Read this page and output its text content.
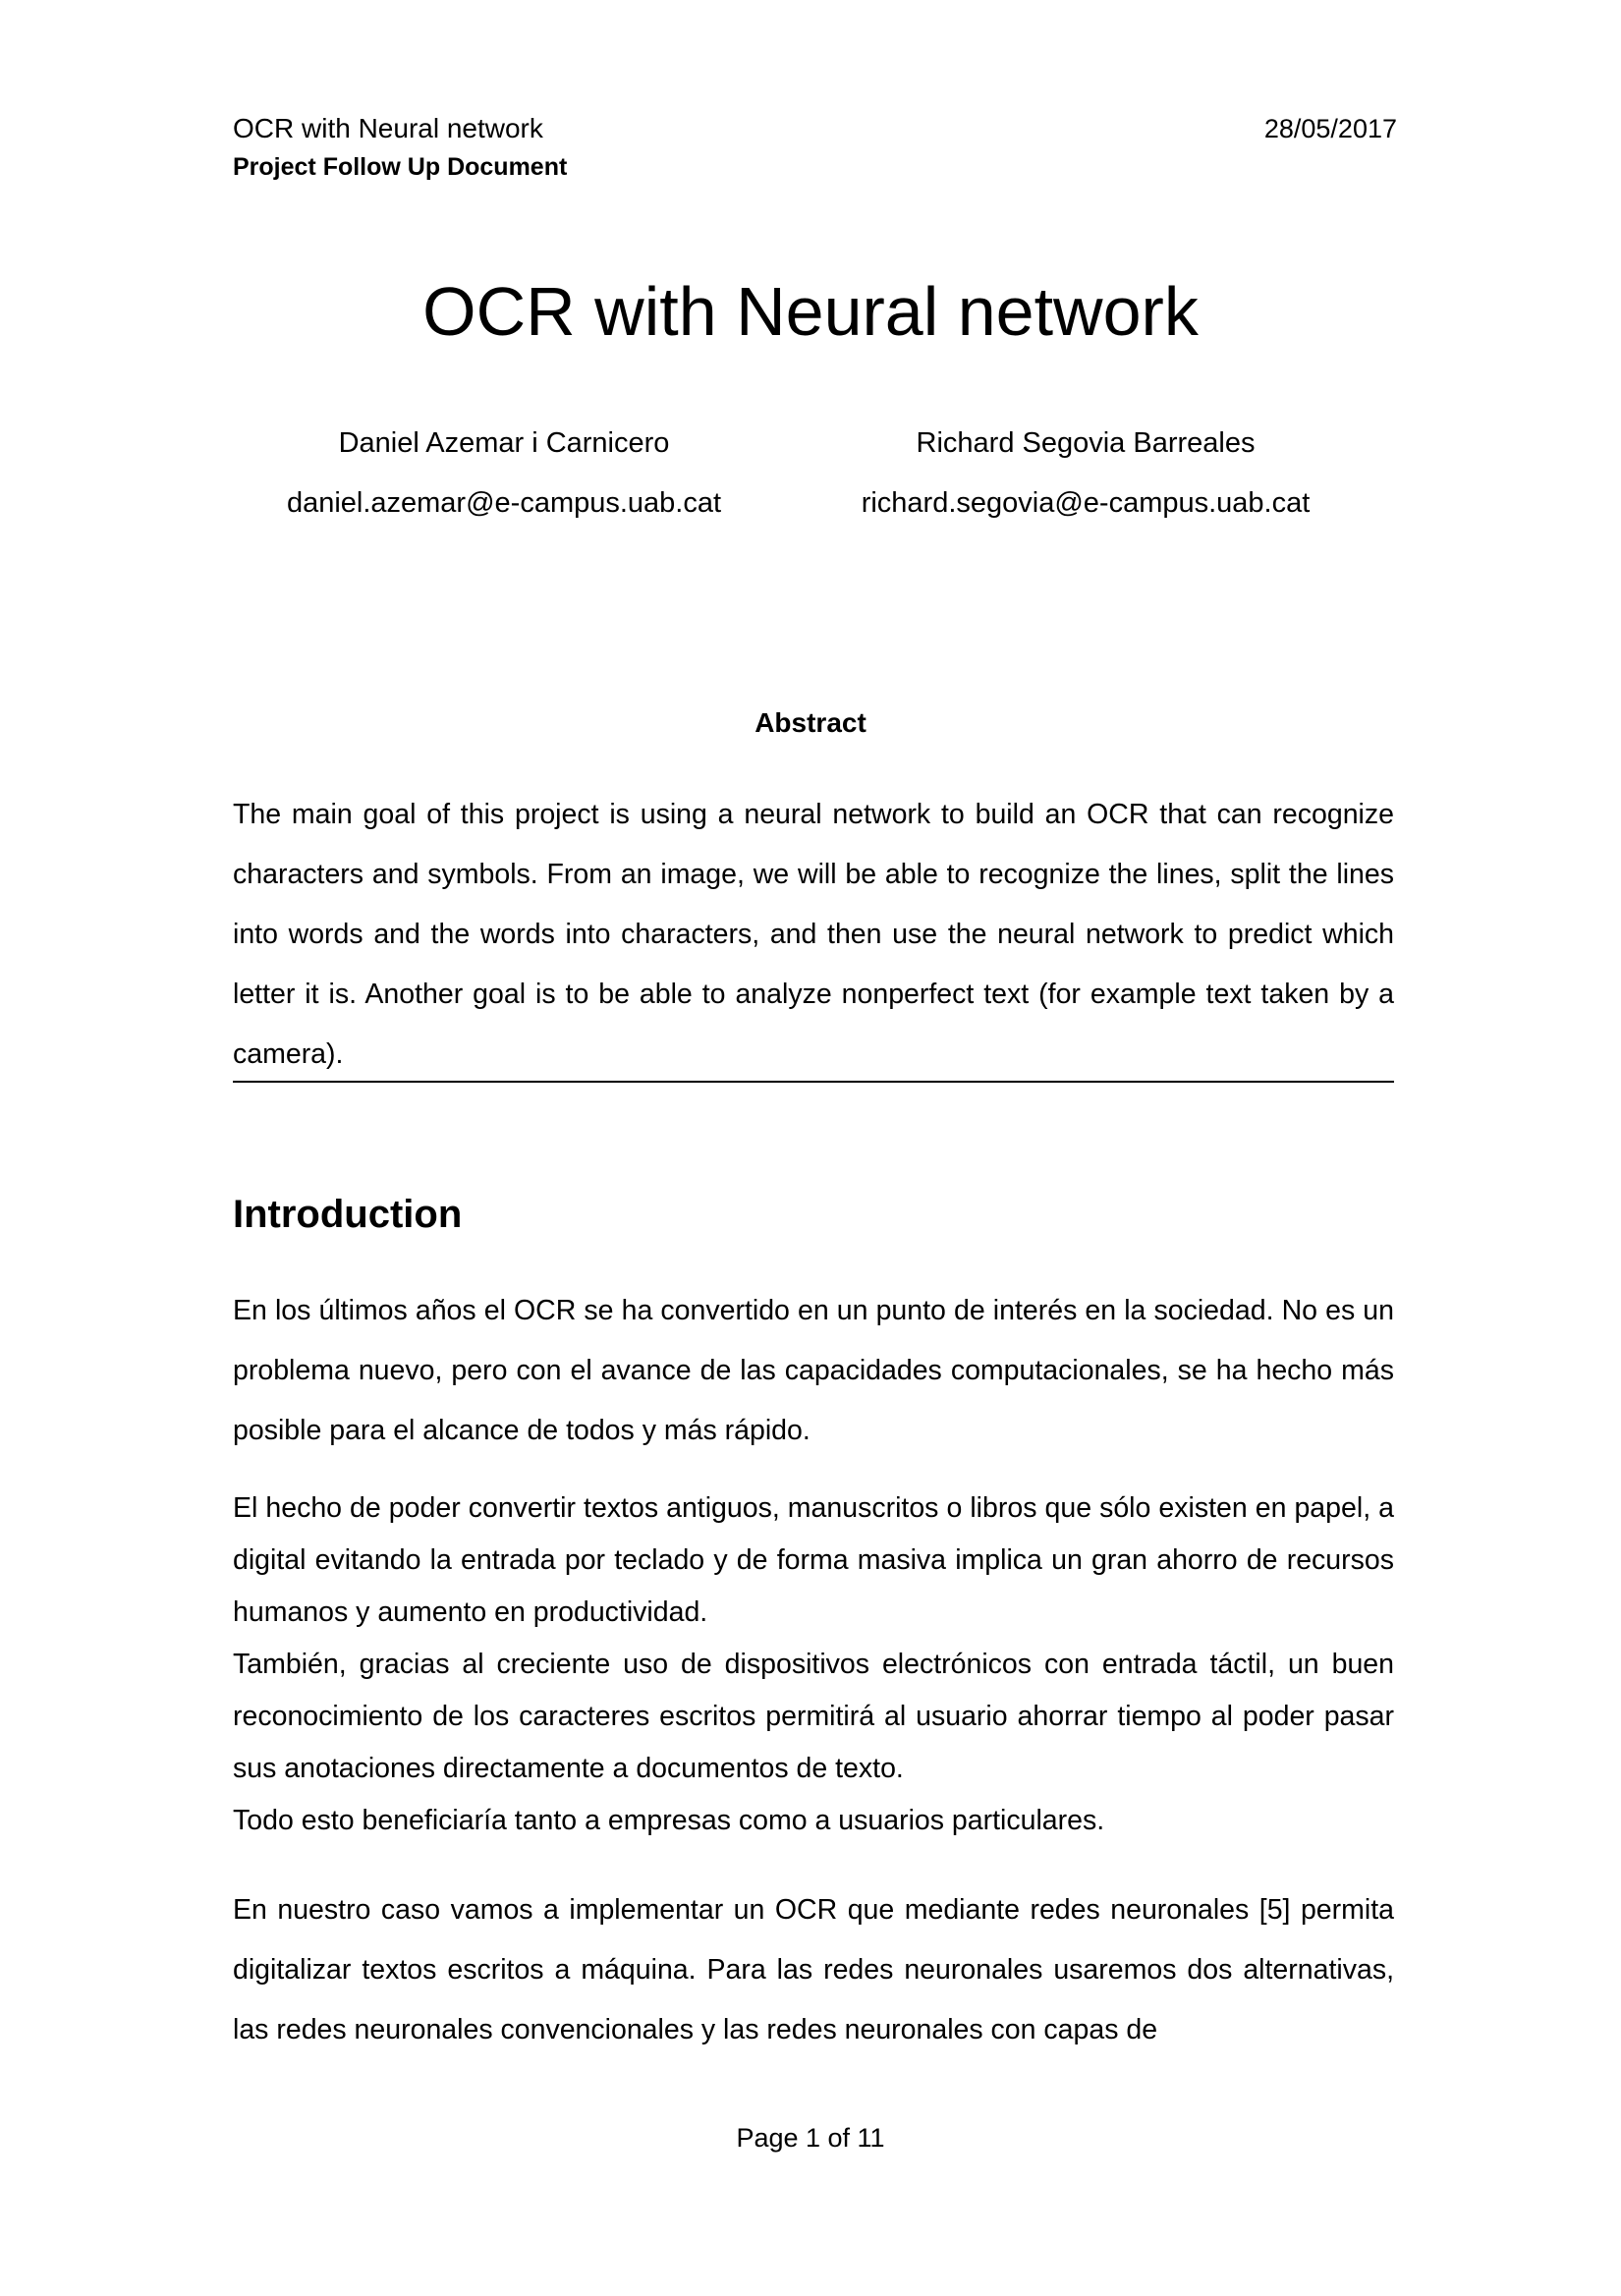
OCR with Neural network
Project Follow Up Document
28/05/2017
OCR with Neural network
Daniel Azemar i Carnicero
daniel.azemar@e-campus.uab.cat
Richard Segovia Barreales
richard.segovia@e-campus.uab.cat
Abstract
The main goal of this project is using a neural network to build an OCR that can recognize characters and symbols. From an image, we will be able to recognize the lines, split the lines into words and the words into characters, and then use the neural network to predict which letter it is. Another goal is to be able to analyze nonperfect text (for example text taken by a camera).
Introduction
En los últimos años el OCR se ha convertido en un punto de interés en la sociedad. No es un problema nuevo, pero con el avance de las capacidades computacionales, se ha hecho más posible para el alcance de todos y más rápido.
El hecho de poder convertir textos antiguos, manuscritos o libros que sólo existen en papel, a digital evitando la entrada por teclado y de forma masiva implica un gran ahorro de recursos humanos y aumento en productividad.
También, gracias al creciente uso de dispositivos electrónicos con entrada táctil, un buen reconocimiento de los caracteres escritos permitirá al usuario ahorrar tiempo al poder pasar sus anotaciones directamente a documentos de texto.
Todo esto beneficiaría tanto a empresas como a usuarios particulares.
En nuestro caso vamos a implementar un OCR que mediante redes neuronales [5] permita digitalizar textos escritos a máquina. Para las redes neuronales usaremos dos alternativas, las redes neuronales convencionales y las redes neuronales con capas de
Page 1 of 11
